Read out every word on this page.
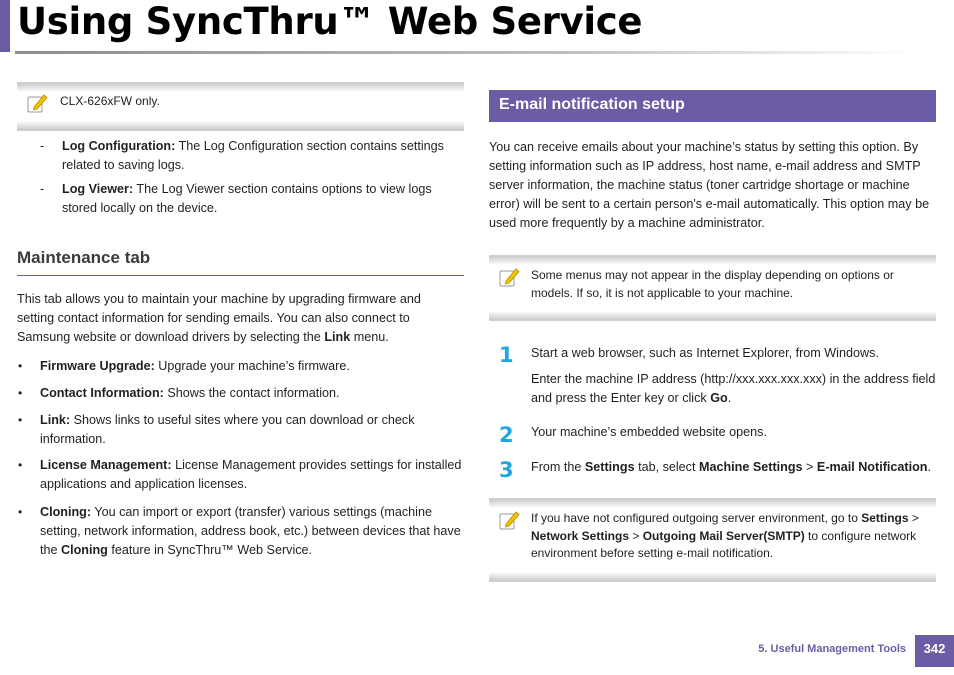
Using SyncThru™ Web Service
CLX-626xFW only.
- Log Configuration: The Log Configuration section contains settings related to saving logs.
- Log Viewer: The Log Viewer section contains options to view logs stored locally on the device.
Maintenance tab
This tab allows you to maintain your machine by upgrading firmware and setting contact information for sending emails. You can also connect to Samsung website or download drivers by selecting the Link menu.
• Firmware Upgrade: Upgrade your machine’s firmware.
• Contact Information: Shows the contact information.
• Link: Shows links to useful sites where you can download or check information.
• License Management: License Management provides settings for installed applications and application licenses.
• Cloning: You can import or export (transfer) various settings (machine setting, network information, address book, etc.) between devices that have the Cloning feature in SyncThru™ Web Service.
E-mail notification setup
You can receive emails about your machine’s status by setting this option. By setting information such as IP address, host name, e-mail address and SMTP server information, the machine status (toner cartridge shortage or machine error) will be sent to a certain person's e-mail automatically. This option may be used more frequently by a machine administrator.
Some menus may not appear in the display depending on options or models. If so, it is not applicable to your machine.
1 Start a web browser, such as Internet Explorer, from Windows.
Enter the machine IP address (http://xxx.xxx.xxx.xxx) in the address field and press the Enter key or click Go.
2 Your machine’s embedded website opens.
3 From the Settings tab, select Machine Settings > E-mail Notification.
If you have not configured outgoing server environment, go to Settings > Network Settings > Outgoing Mail Server(SMTP) to configure network environment before setting e-mail notification.
5. Useful Management Tools	342
